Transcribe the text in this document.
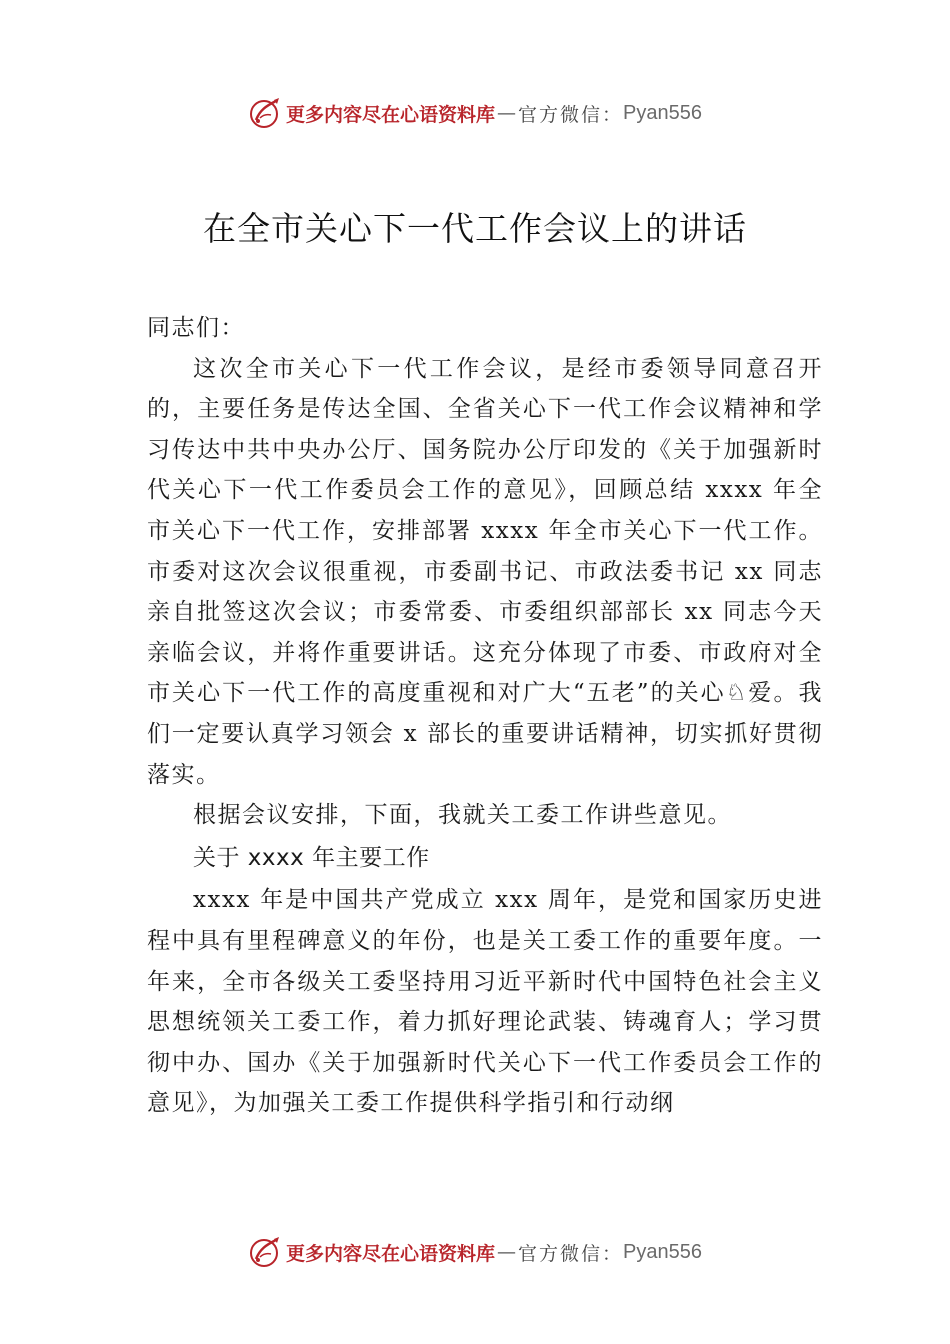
更多内容尽在心语资料库 — 官方微信： Pyan556
在全市关心下一代工作会议上的讲话

同志们：

这次全市关心下一代工作会议，是经市委领导同意召开的，主要任务是传达全国、全省关心下一代工作会议精神和学习传达中共中央办公厅、国务院办公厅印发的《关于加强新时代关心下一代工作委员会工作的意见》，回顾总结 xxxx 年全市关心下一代工作，安排部署 xxxx 年全市关心下一代工作。市委对这次会议很重视，市委副书记、市政法委书记 xx 同志亲自批签这次会议；市委常委、市委组织部部长 xx 同志今天亲临会议，并将作重要讲话。这充分体现了市委、市政府对全市关心下一代工作的高度重视和对广大“五老”的关心♘爱。我们一定要认真学习领会 x 部长的重要讲话精神，切实抓好贯彻落实。

根据会议安排，下面，我就关工委工作讲些意见。

关于 xxxx 年主要工作

xxxx 年是中国共产党成立 xxx 周年，是党和国家历史进程中具有里程碑意义的年份，也是关工委工作的重要年度。一年来，全市各级关工委坚持用习近平新时代中国特色社会主义思想统领关工委工作，着力抓好理论武装、铸魂育人；学习贯彻中办、国办《关于加强新时代关心下一代工作委员会工作的意见》，为加强关工委工作提供科学指引和行动纲

更多内容尽在心语资料库 — 官方微信： Pyan556
